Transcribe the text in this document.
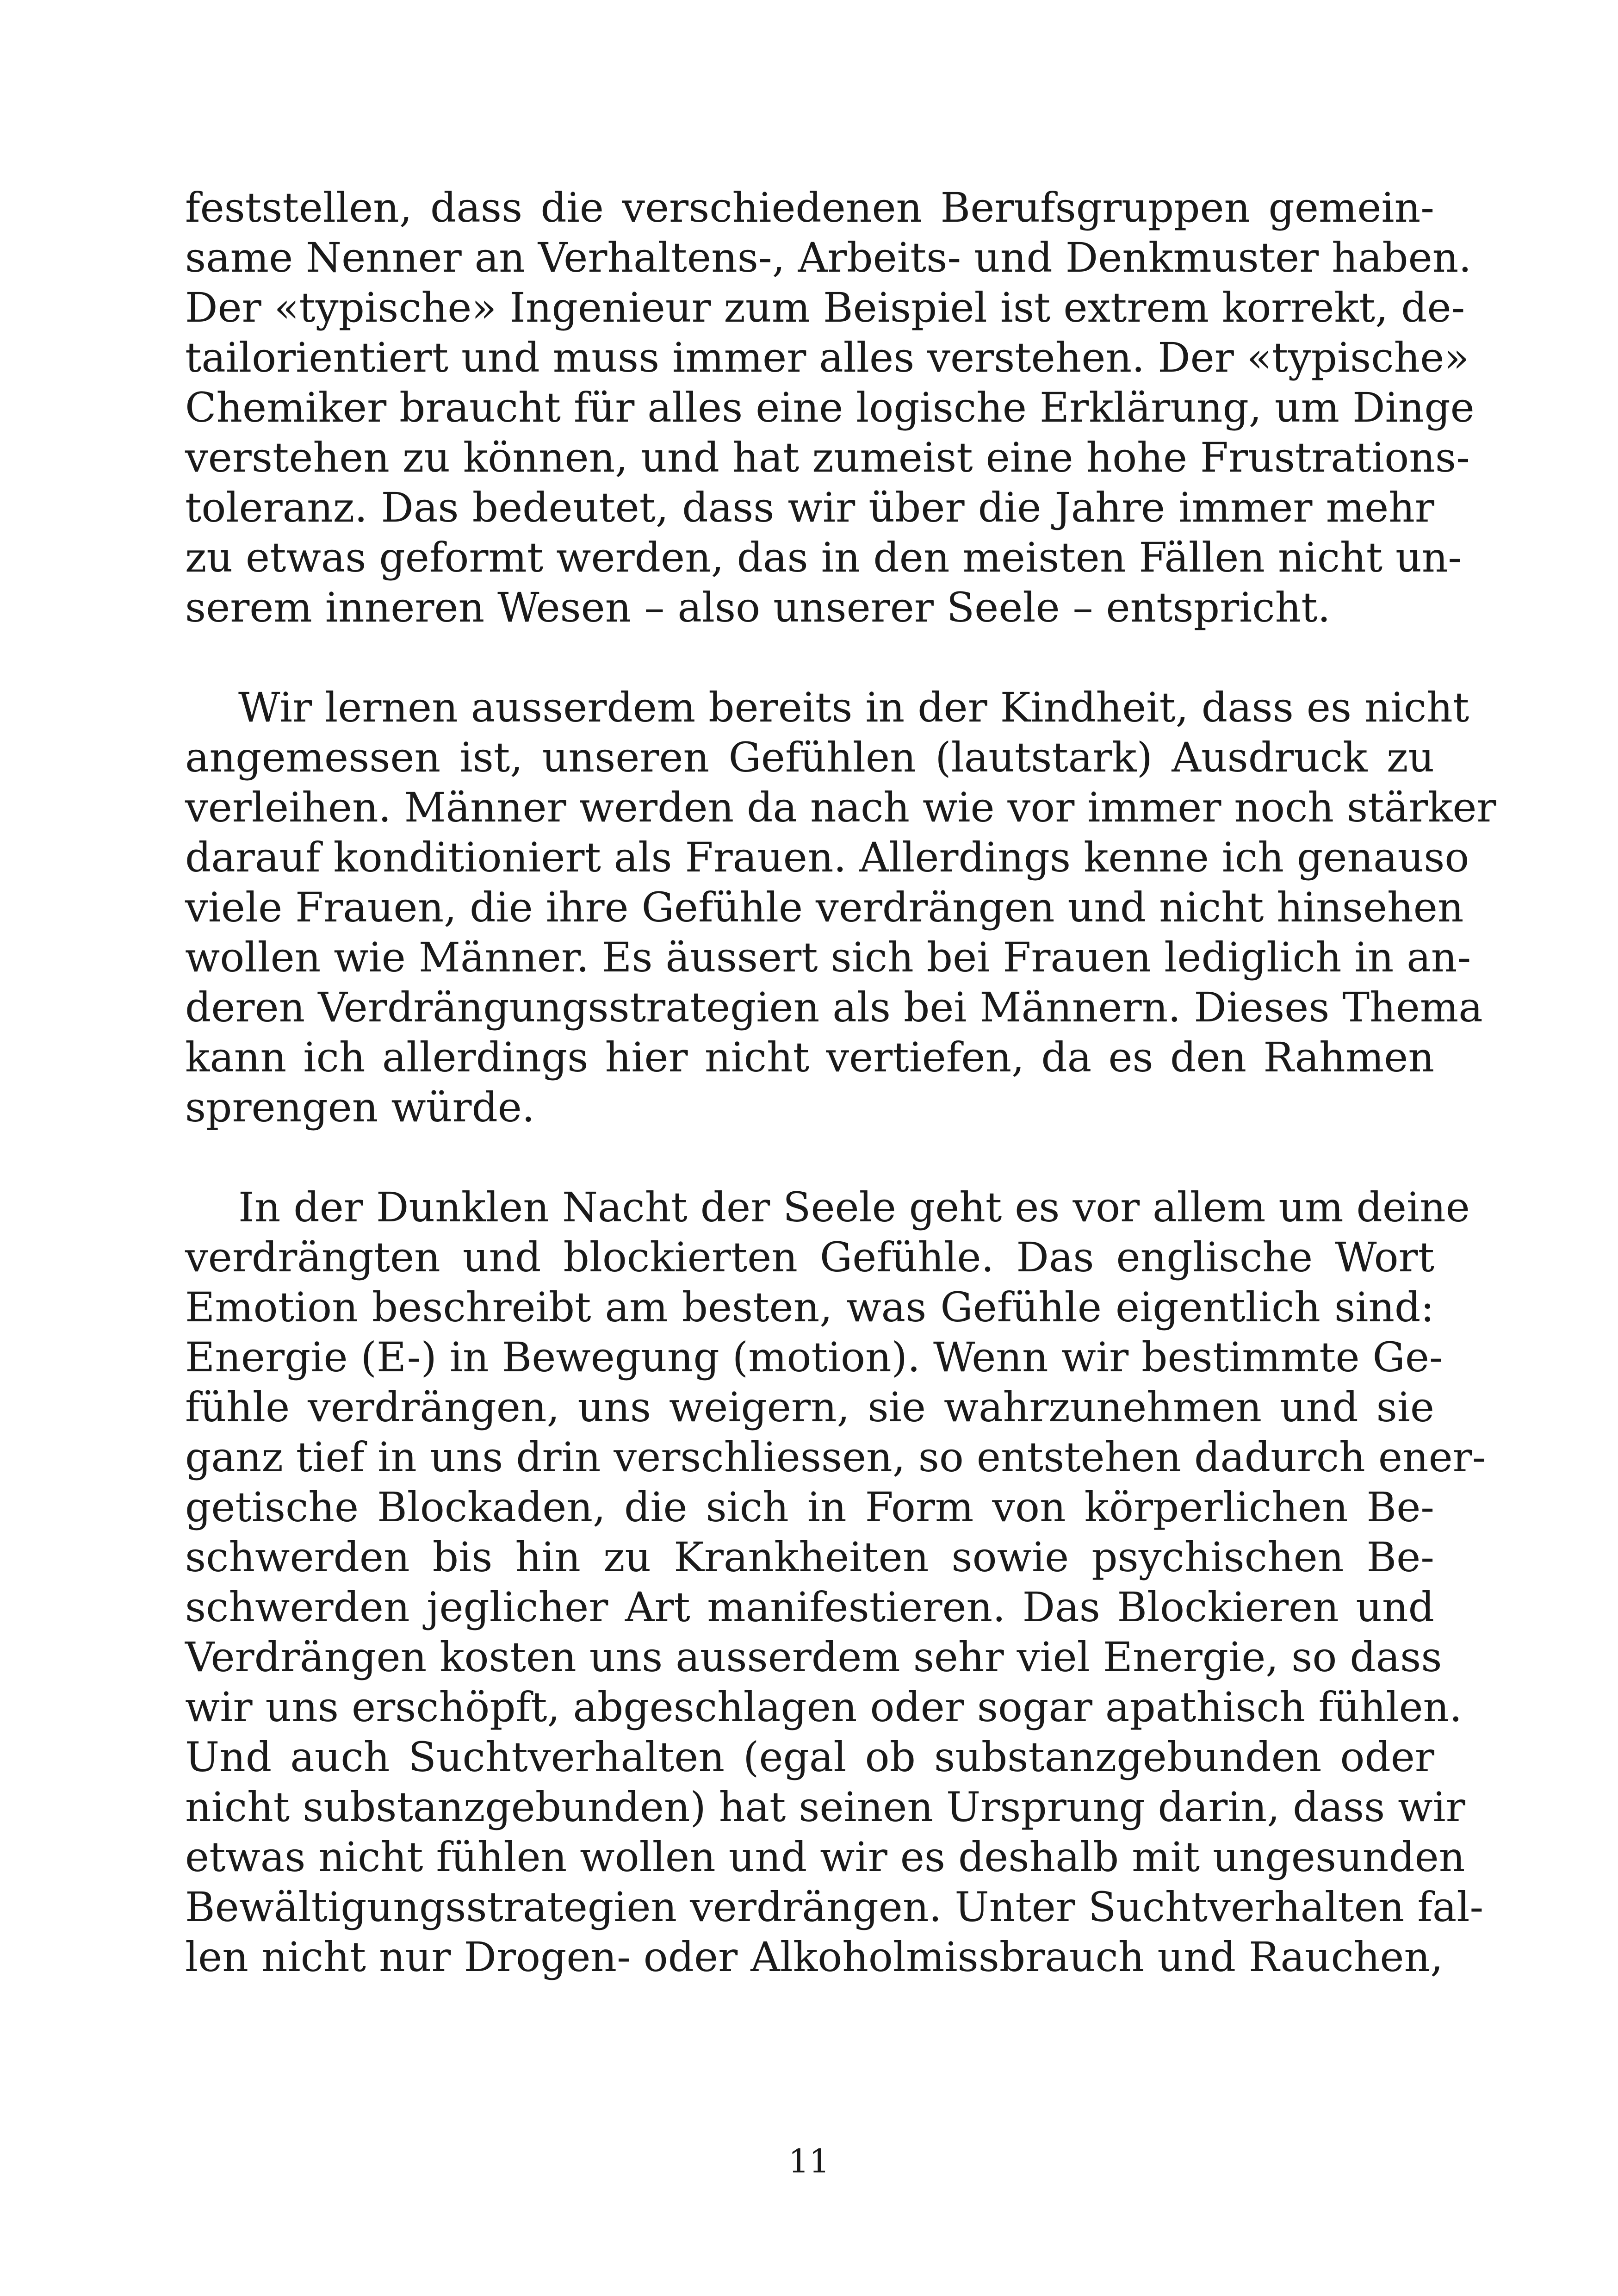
feststellen, dass die verschiedenen Berufsgruppen gemein-
same Nenner an Verhaltens-, Arbeits- und Denkmuster haben.
Der «typische» Ingenieur zum Beispiel ist extrem korrekt, de-
tailorientiert und muss immer alles verstehen. Der «typische»
Chemiker braucht für alles eine logische Erklärung, um Dinge
verstehen zu können, und hat zumeist eine hohe Frustrations-
toleranz. Das bedeutet, dass wir über die Jahre immer mehr
zu etwas geformt werden, das in den meisten Fällen nicht un-
serem inneren Wesen – also unserer Seele – entspricht.
Wir lernen ausserdem bereits in der Kindheit, dass es nicht
angemessen ist, unseren Gefühlen (lautstark) Ausdruck zu
verleihen. Männer werden da nach wie vor immer noch stärker
darauf konditioniert als Frauen. Allerdings kenne ich genauso
viele Frauen, die ihre Gefühle verdrängen und nicht hinsehen
wollen wie Männer. Es äussert sich bei Frauen lediglich in an-
deren Verdrängungsstrategien als bei Männern. Dieses Thema
kann ich allerdings hier nicht vertiefen, da es den Rahmen
sprengen würde.
In der Dunklen Nacht der Seele geht es vor allem um deine
verdrängten und blockierten Gefühle. Das englische Wort
Emotion beschreibt am besten, was Gefühle eigentlich sind:
Energie (E-) in Bewegung (motion). Wenn wir bestimmte Ge-
fühle verdrängen, uns weigern, sie wahrzunehmen und sie
ganz tief in uns drin verschliessen, so entstehen dadurch ener-
getische Blockaden, die sich in Form von körperlichen Be-
schwerden bis hin zu Krankheiten sowie psychischen Be-
schwerden jeglicher Art manifestieren. Das Blockieren und
Verdrängen kosten uns ausserdem sehr viel Energie, so dass
wir uns erschöpft, abgeschlagen oder sogar apathisch fühlen.
Und auch Suchtverhalten (egal ob substanzgebunden oder
nicht substanzgebunden) hat seinen Ursprung darin, dass wir
etwas nicht fühlen wollen und wir es deshalb mit ungesunden
Bewältigungsstrategien verdrängen. Unter Suchtverhalten fal-
len nicht nur Drogen- oder Alkoholmissbrauch und Rauchen,
11
